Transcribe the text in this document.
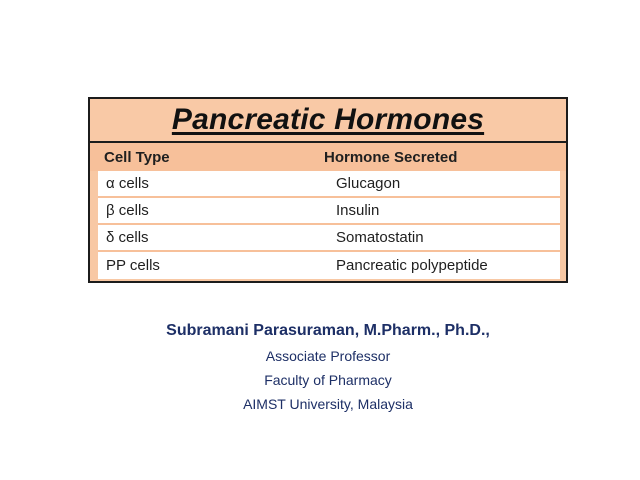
Pancreatic Hormones
Cell Type	Hormone Secreted
α cells	Glucagon
β cells	Insulin
δ cells	Somatostatin
PP cells	Pancreatic polypeptide

Subramani Parasuraman, M.Pharm., Ph.D.,

Associate Professor

Faculty of Pharmacy

AIMST University, Malaysia
